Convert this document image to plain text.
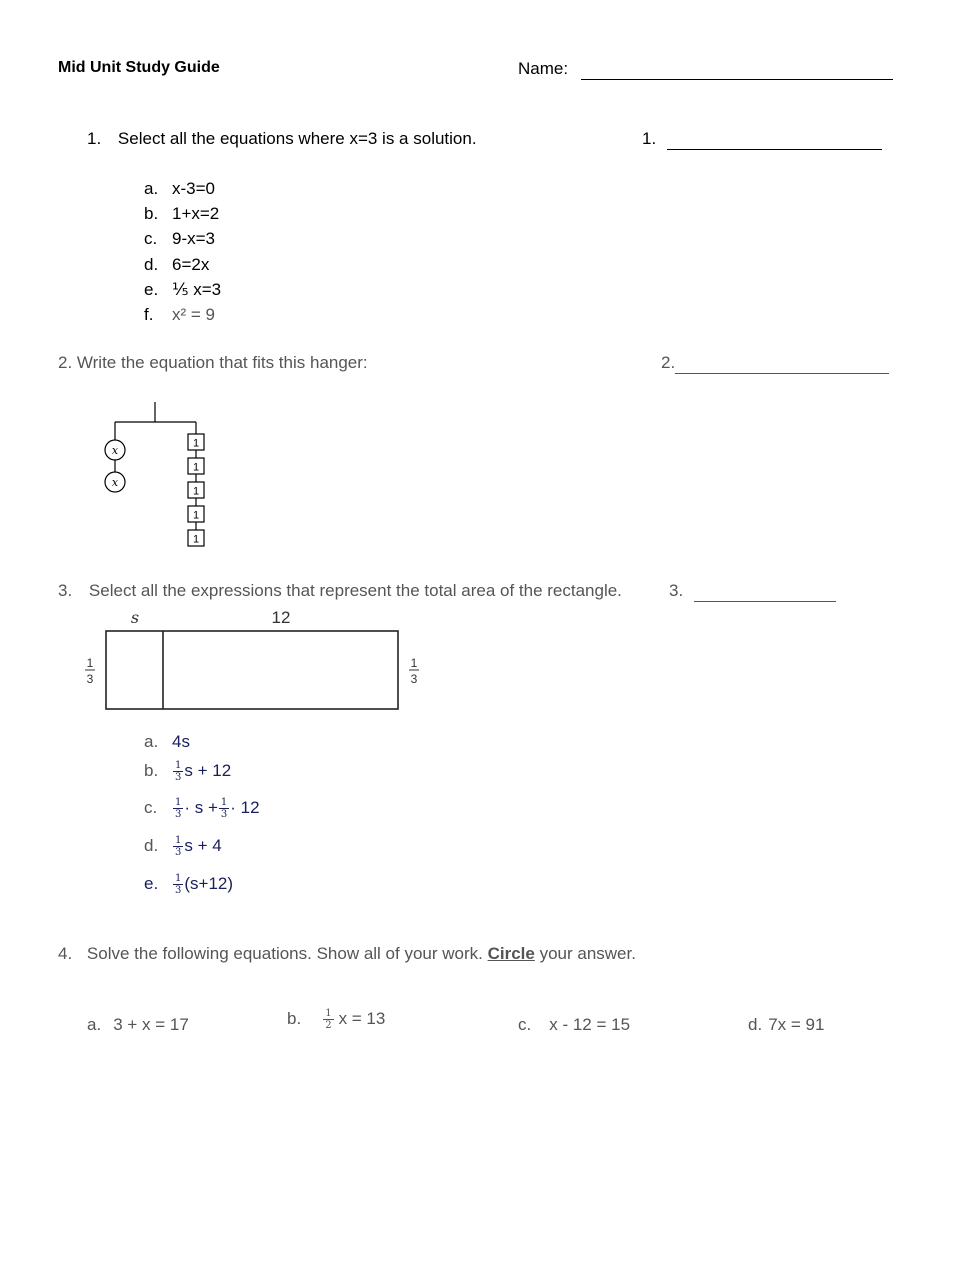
Mid Unit Study Guide	Name:
1. Select all the equations where x=3 is a solution.	1.
a. x-3=0
b. 1+x=2
c. 9-x=3
d. 6=2x
e. ⅕ x=3
f. x² = 9
2. Write the equation that fits this hanger:	2.
x
x
1
1
1
1
1
3. Select all the expressions that represent the total area of the rectangle.	3.
s	12
1
3
1
3
a. 4s
b. $\frac{1}{3}$ s + 12
c. $\frac{1}{3} \cdot s + \frac{1}{3} \cdot 12$
d. $\frac{1}{3}$ s + 4
e. $\frac{1}{3} (s+12)$
4. Solve the following equations. Show all of your work. Circle your answer.
a. 3 + x = 17	b. $\frac{1}{2}$ x = 13	c. x - 12 = 15	d. 7x = 91
